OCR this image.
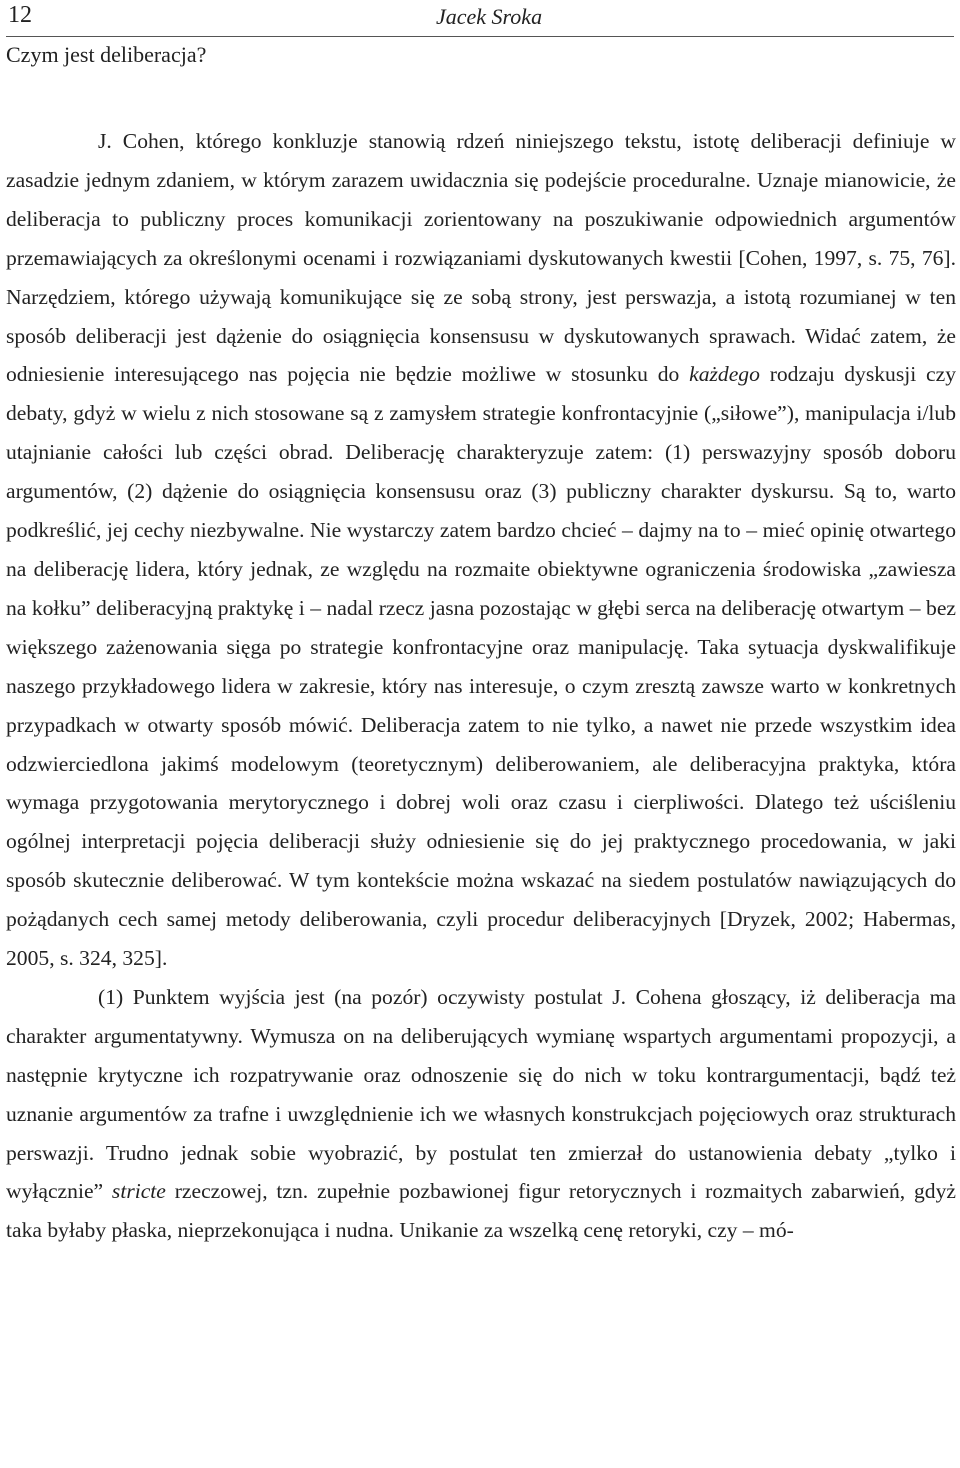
12	Jacek Sroka
Czym jest deliberacja?

J. Cohen, którego konkluzje stanowią rdzeń niniejszego tekstu, istotę deliberacji definiuje w zasadzie jednym zdaniem, w którym zarazem uwidacznia się podejście proceduralne. Uznaje mianowicie, że deliberacja to publiczny proces komunikacji zorientowany na poszukiwanie odpowiednich argumentów przemawiających za określonymi ocenami i rozwiązaniami dyskutowanych kwestii [Cohen, 1997, s. 75, 76]. Narzędziem, którego używają komunikujące się ze sobą strony, jest perswazja, a istotą rozumianej w ten sposób deliberacji jest dążenie do osiągnięcia konsensusu w dyskutowanych sprawach. Widać zatem, że odniesienie interesującego nas pojęcia nie będzie możliwe w stosunku do każdego rodzaju dyskusji czy debaty, gdyż w wielu z nich stosowane są z zamysłem strategie konfrontacyjnie („siłowe”), manipulacja i/lub utajnianie całości lub części obrad. Deliberację charakteryzuje zatem: (1) perswazyjny sposób doboru argumentów, (2) dążenie do osiągnięcia konsensusu oraz (3) publiczny charakter dyskursu. Są to, warto podkreślić, jej cechy niezbywalne. Nie wystarczy zatem bardzo chcieć – dajmy na to – mieć opinię otwartego na deliberację lidera, który jednak, ze względu na rozmaite obiektywne ograniczenia środowiska „zawiesza na kołku” deliberacyjną praktykę i – nadal rzecz jasna pozostając w głębi serca na deliberację otwartym – bez większego zażenowania sięga po strategie konfrontacyjne oraz manipulację. Taka sytuacja dyskwalifikuje naszego przykładowego lidera w zakresie, który nas interesuje, o czym zresztą zawsze warto w konkretnych przypadkach w otwarty sposób mówić. Deliberacja zatem to nie tylko, a nawet nie przede wszystkim idea odzwierciedlona jakimś modelowym (teoretycznym) deliberowaniem, ale deliberacyjna praktyka, która wymaga przygotowania merytorycznego i dobrej woli oraz czasu i cierpliwości. Dlatego też uściśleniu ogólnej interpretacji pojęcia deliberacji służy odniesienie się do jej praktycznego procedowania, w jaki sposób skutecznie deliberować. W tym kontekście można wskazać na siedem postulatów nawiązujących do pożądanych cech samej metody deliberowania, czyli procedur deliberacyjnych [Dryzek, 2002; Habermas, 2005, s. 324, 325].

(1) Punktem wyjścia jest (na pozór) oczywisty postulat J. Cohena głoszący, iż deliberacja ma charakter argumentatywny. Wymusza on na deliberujących wymianę wspartych argumentami propozycji, a następnie krytyczne ich rozpatrywanie oraz odnoszenie się do nich w toku kontrargumentacji, bądź też uznanie argumentów za trafne i uwzględnienie ich we własnych konstrukcjach pojęciowych oraz strukturach perswazji. Trudno jednak sobie wyobrazić, by postulat ten zmierzał do ustanowienia debaty „tylko i wyłącznie” stricte rzeczowej, tzn. zupełnie pozbawionej figur retorycznych i rozmaitych zabarwień, gdyż taka byłaby płaska, nieprzekonująca i nudna. Unikanie za wszelką cenę retoryki, czy – mó-
